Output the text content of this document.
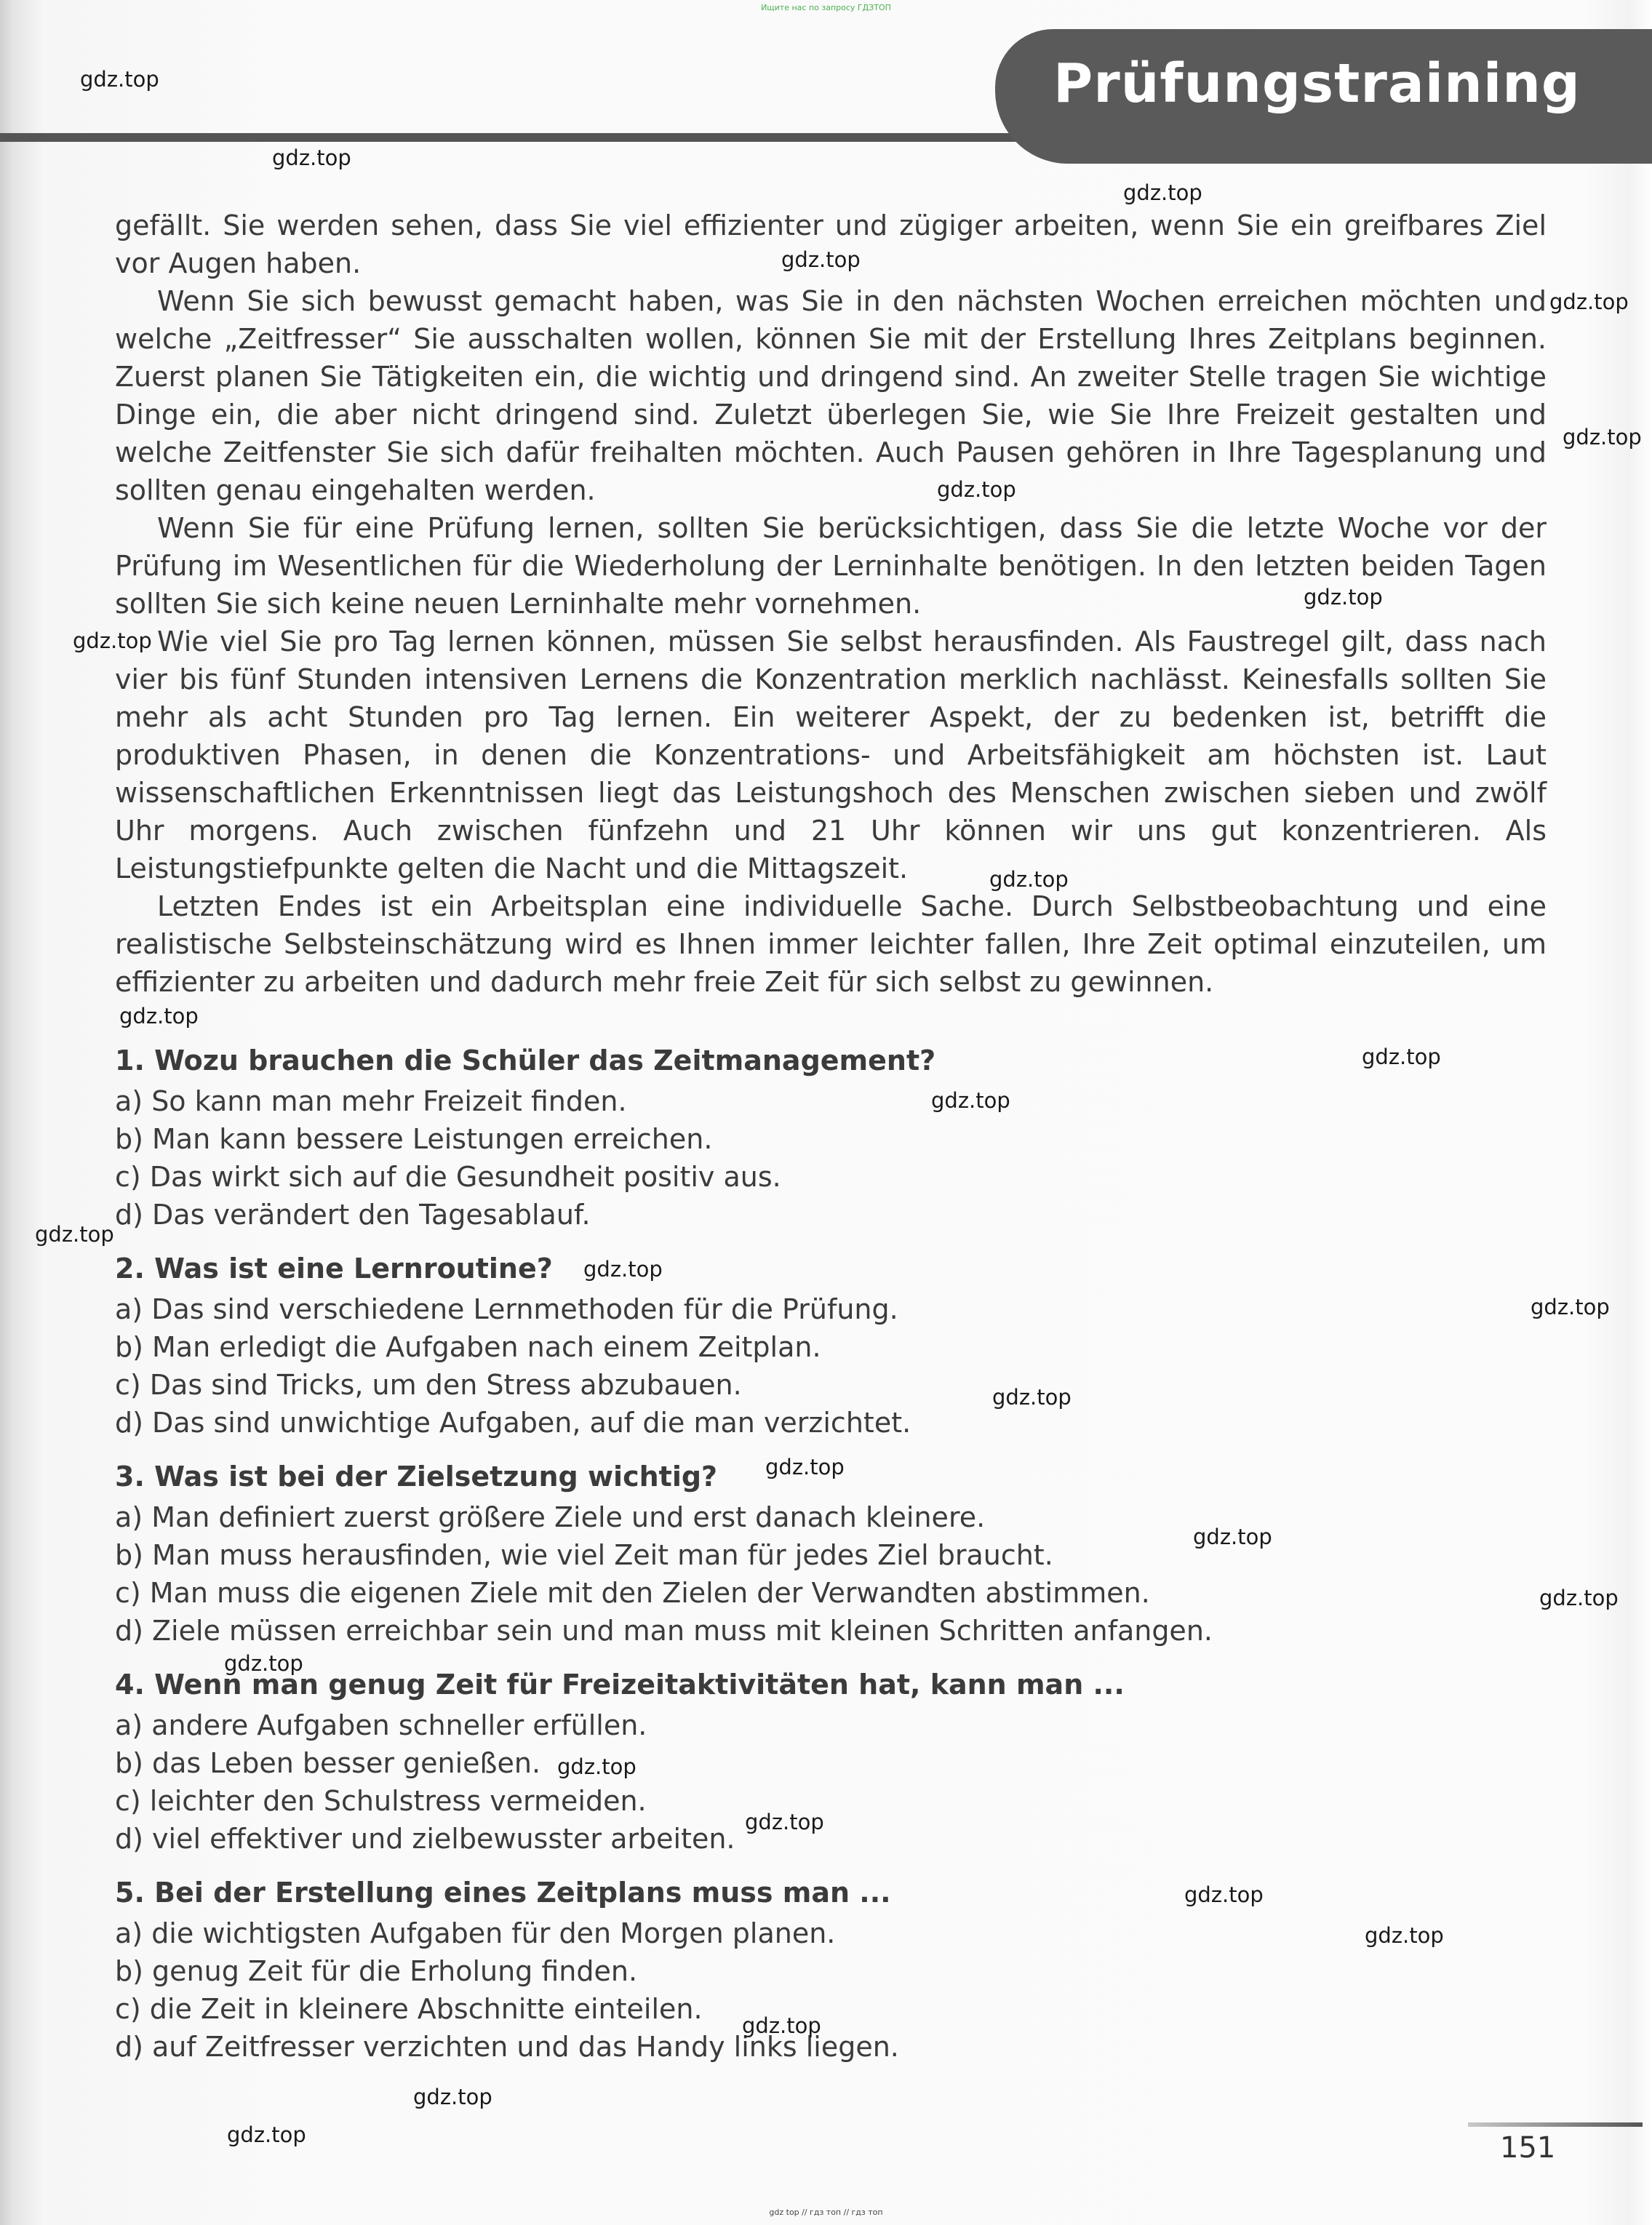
Ищите нас по запросу ГДЗТОП
Prüfungstraining

gefällt. Sie werden sehen, dass Sie viel effizienter und zügiger arbeiten, wenn Sie ein greifbares Ziel vor Augen haben.

Wenn Sie sich bewusst gemacht haben, was Sie in den nächsten Wochen erreichen möchten und welche „Zeitfresser“ Sie ausschalten wollen, können Sie mit der Erstellung Ihres Zeitplans beginnen. Zuerst planen Sie Tätigkeiten ein, die wichtig und dringend sind. An zweiter Stelle tragen Sie wichtige Dinge ein, die aber nicht dringend sind. Zuletzt überlegen Sie, wie Sie Ihre Freizeit gestalten und welche Zeitfenster Sie sich dafür freihalten möchten. Auch Pausen gehören in Ihre Tagesplanung und sollten genau eingehalten werden.

Wenn Sie für eine Prüfung lernen, sollten Sie berücksichtigen, dass Sie die letzte Woche vor der Prüfung im Wesentlichen für die Wiederholung der Lerninhalte benötigen. In den letzten beiden Tagen sollten Sie sich keine neuen Lerninhalte mehr vornehmen.

Wie viel Sie pro Tag lernen können, müssen Sie selbst herausfinden. Als Faustregel gilt, dass nach vier bis fünf Stunden intensiven Lernens die Konzentration merklich nachlässt. Keinesfalls sollten Sie mehr als acht Stunden pro Tag lernen. Ein weiterer Aspekt, der zu bedenken ist, betrifft die produktiven Phasen, in denen die Konzentrations- und Arbeitsfähigkeit am höchsten ist. Laut wissenschaftlichen Erkenntnissen liegt das Leistungshoch des Menschen zwischen sieben und zwölf Uhr morgens. Auch zwischen fünfzehn und 21 Uhr können wir uns gut konzentrieren. Als Leistungstiefpunkte gelten die Nacht und die Mittagszeit.

Letzten Endes ist ein Arbeitsplan eine individuelle Sache. Durch Selbstbeobachtung und eine realistische Selbsteinschätzung wird es Ihnen immer leichter fallen, Ihre Zeit optimal einzuteilen, um effizienter zu arbeiten und dadurch mehr freie Zeit für sich selbst zu gewinnen.

1. Wozu brauchen die Schüler das Zeitmanagement?
a) So kann man mehr Freizeit finden.
b) Man kann bessere Leistungen erreichen.
c) Das wirkt sich auf die Gesundheit positiv aus.
d) Das verändert den Tagesablauf.
2. Was ist eine Lernroutine?
a) Das sind verschiedene Lernmethoden für die Prüfung.
b) Man erledigt die Aufgaben nach einem Zeitplan.
c) Das sind Tricks, um den Stress abzubauen.
d) Das sind unwichtige Aufgaben, auf die man verzichtet.
3. Was ist bei der Zielsetzung wichtig?
a) Man definiert zuerst größere Ziele und erst danach kleinere.
b) Man muss herausfinden, wie viel Zeit man für jedes Ziel braucht.
c) Man muss die eigenen Ziele mit den Zielen der Verwandten abstimmen.
d) Ziele müssen erreichbar sein und man muss mit kleinen Schritten anfangen.
4. Wenn man genug Zeit für Freizeitaktivitäten hat, kann man ...
a) andere Aufgaben schneller erfüllen.
b) das Leben besser genießen.
c) leichter den Schulstress vermeiden.
d) viel effektiver und zielbewusster arbeiten.
5. Bei der Erstellung eines Zeitplans muss man ...
a) die wichtigsten Aufgaben für den Morgen planen.
b) genug Zeit für die Erholung finden.
c) die Zeit in kleinere Abschnitte einteilen.
d) auf Zeitfresser verzichten und das Handy links liegen.
gdz.top
gdz.top
gdz.top
gdz.top
gdz.top
gdz.top
gdz.top
gdz.top
gdz.top
gdz.top
gdz.top
gdz.top
gdz.top
gdz.top
gdz.top
gdz.top
gdz.top
gdz.top
gdz.top
gdz.top
gdz.top
gdz.top
gdz.top
gdz.top
gdz.top
gdz.top
gdz.top
gdz.top	151
gdz top // гдз топ // гдз топ
